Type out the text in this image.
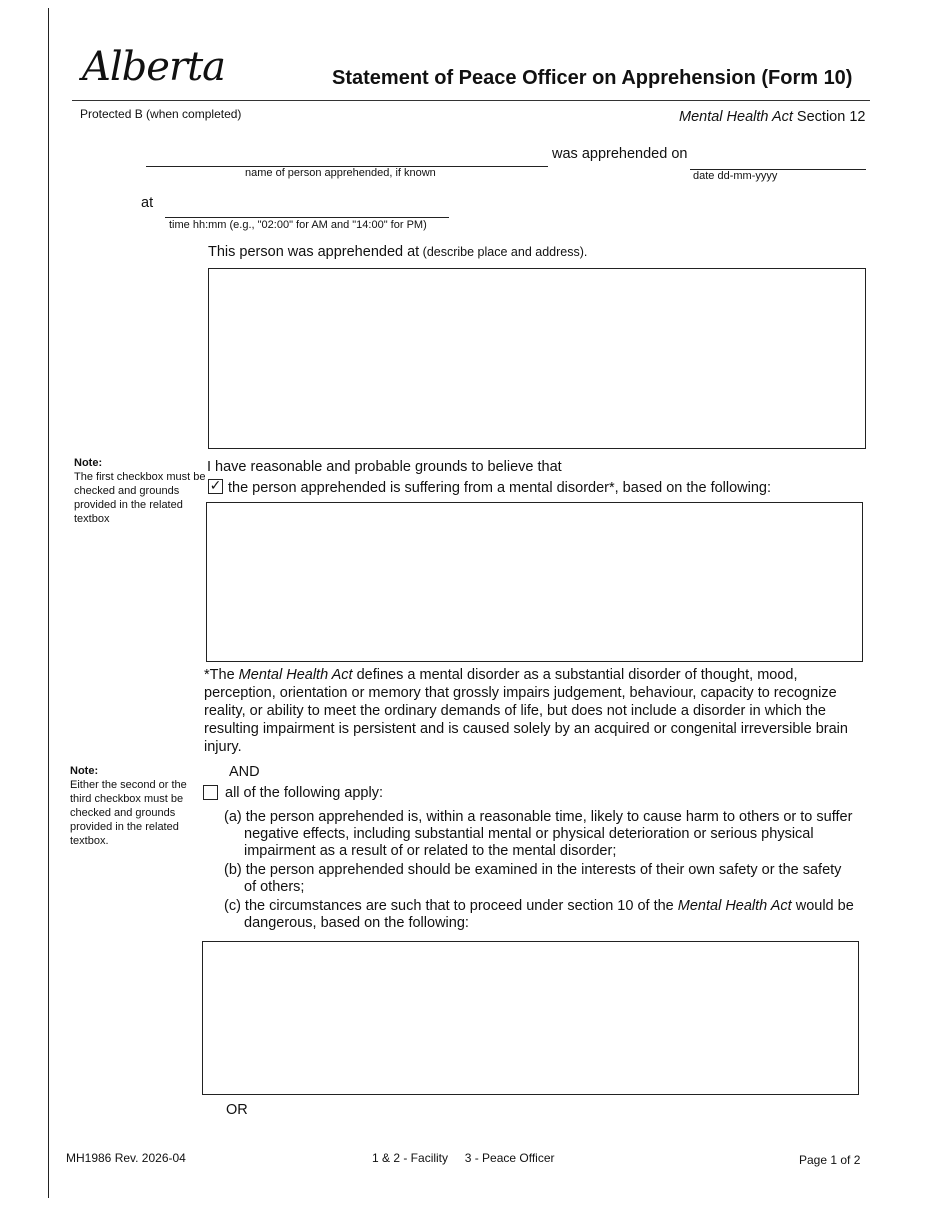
Alberta	Statement of Peace Officer on Apprehension (Form 10)
Protected B (when completed)	Mental Health Act Section 12
name of person apprehended, if known
was apprehended on
date dd-mm-yyyy
at
time hh:mm (e.g., "02:00" for AM and "14:00" for PM)
This person was apprehended at (describe place and address).
Note:
The first checkbox must be checked and grounds provided in the related textbox
I have reasonable and probable grounds to believe that
✓ the person apprehended is suffering from a mental disorder*, based on the following:
*The Mental Health Act defines a mental disorder as a substantial disorder of thought, mood, perception, orientation or memory that grossly impairs judgement, behaviour, capacity to recognize reality, or ability to meet the ordinary demands of life, but does not include a disorder in which the resulting impairment is persistent and is caused solely by an acquired or congenital irreversible brain injury.
Note:
Either the second or the third checkbox must be checked and grounds provided in the related textbox.
AND
all of the following apply:
(a) the person apprehended is, within a reasonable time, likely to cause harm to others or to suffer negative effects, including substantial mental or physical deterioration or serious physical impairment as a result of or related to the mental disorder;
(b) the person apprehended should be examined in the interests of their own safety or the safety of others;
(c) the circumstances are such that to proceed under section 10 of the Mental Health Act would be dangerous, based on the following:
OR
MH1986 Rev. 2026-04	1 & 2 - Facility     3 - Peace Officer	Page 1 of 2
